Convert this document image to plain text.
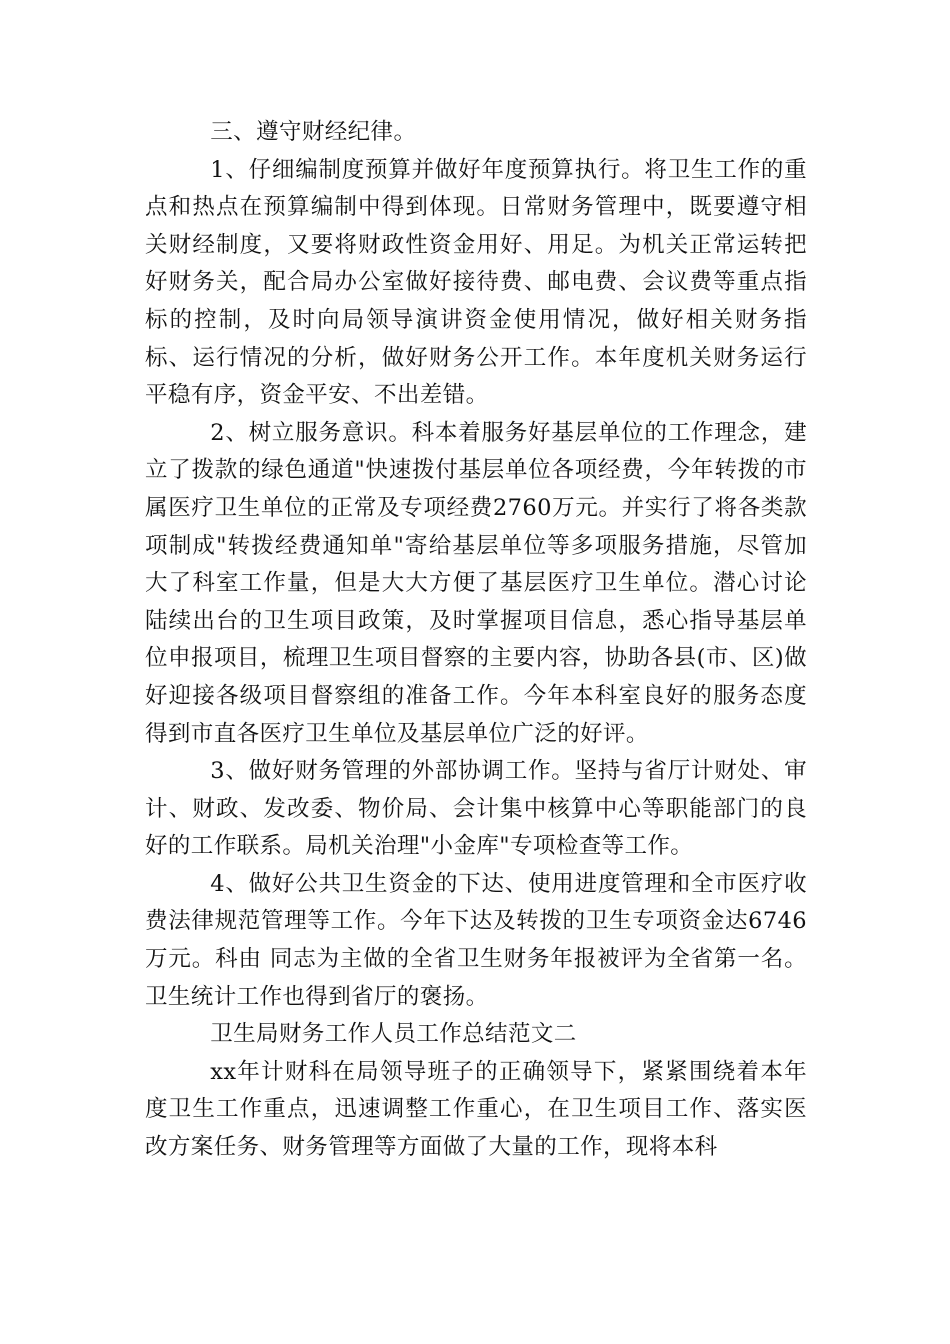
三、遵守财经纪律。

1、仔细编制度预算并做好年度预算执行。将卫生工作的重点和热点在预算编制中得到体现。日常财务管理中，既要遵守相关财经制度，又要将财政性资金用好、用足。为机关正常运转把好财务关，配合局办公室做好接待费、邮电费、会议费等重点指标的控制，及时向局领导演讲资金使用情况，做好相关财务指标、运行情况的分析，做好财务公开工作。本年度机关财务运行平稳有序，资金平安、不出差错。

2、树立服务意识。科本着服务好基层单位的工作理念，建立了拨款的绿色通道"快速拨付基层单位各项经费，今年转拨的市属医疗卫生单位的正常及专项经费2760万元。并实行了将各类款项制成"转拨经费通知单"寄给基层单位等多项服务措施，尽管加大了科室工作量，但是大大方便了基层医疗卫生单位。潜心讨论陆续出台的卫生项目政策，及时掌握项目信息，悉心指导基层单位申报项目，梳理卫生项目督察的主要内容，协助各县(市、区)做好迎接各级项目督察组的准备工作。今年本科室良好的服务态度得到市直各医疗卫生单位及基层单位广泛的好评。

3、做好财务管理的外部协调工作。坚持与省厅计财处、审计、财政、发改委、物价局、会计集中核算中心等职能部门的良好的工作联系。局机关治理"小金库"专项检查等工作。

4、做好公共卫生资金的下达、使用进度管理和全市医疗收费法律规范管理等工作。今年下达及转拨的卫生专项资金达6746万元。科由 同志为主做的全省卫生财务年报被评为全省第一名。卫生统计工作也得到省厅的褒扬。

卫生局财务工作人员工作总结范文二

xx年计财科在局领导班子的正确领导下，紧紧围绕着本年度卫生工作重点，迅速调整工作重心，在卫生项目工作、落实医改方案任务、财务管理等方面做了大量的工作，现将本科
